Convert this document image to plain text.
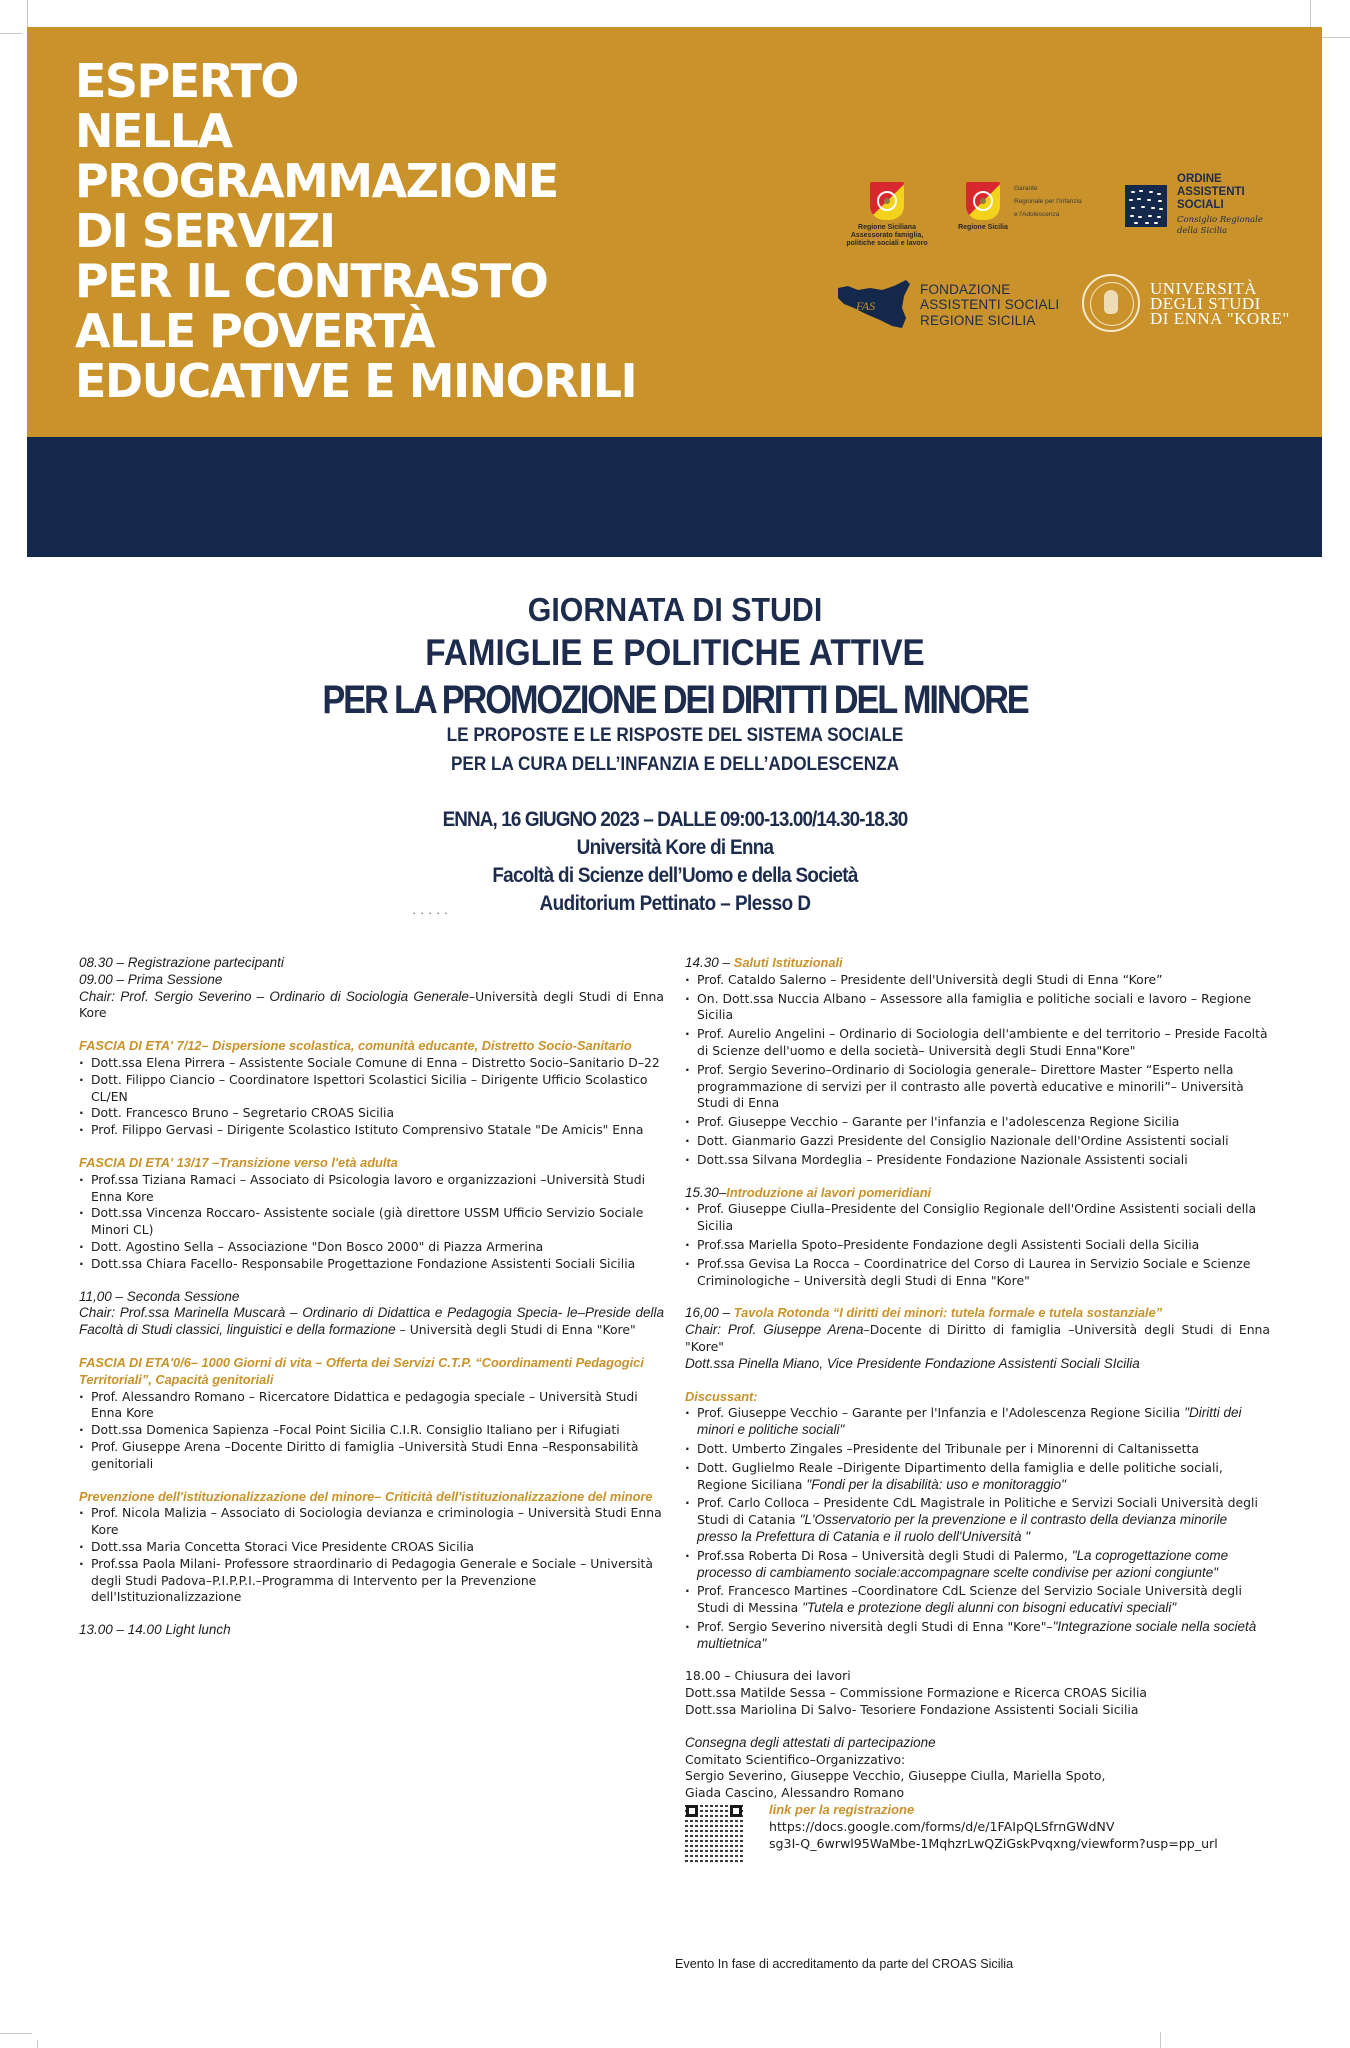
· · · · ·
ESPERTO
NELLA
PROGRAMMAZIONE
DI SERVIZI
PER IL CONTRASTO
ALLE POVERTÀ
EDUCATIVE E MINORILI
Regione Siciliana
Assessorato famiglia,
politiche sociali e lavoro
Regione Sicilia
Garante
Regionale per l'Infanzia
e l'Adolescenza
ORDINE
ASSISTENTI
SOCIALI
Consiglio Regionale
della Sicilia
FAS
FONDAZIONE
ASSISTENTI SOCIALI
REGIONE SICILIA
UNIVERSITÀ
DEGLI STUDI
DI ENNA "KORE"
GIORNATA DI STUDI
FAMIGLIE E POLITICHE ATTIVE
PER LA PROMOZIONE DEI DIRITTI DEL MINORE
LE PROPOSTE E LE RISPOSTE DEL SISTEMA SOCIALE
PER LA CURA DELL’INFANZIA E DELL’ADOLESCENZA
ENNA, 16 GIUGNO 2023 – DALLE 09:00-13.00/14.30-18.30
Università Kore di Enna
Facoltà di Scienze dell’Uomo e della Società
Auditorium Pettinato – Plesso D

08.30 – Registrazione partecipanti

09.00 – Prima Sessione

Chair: Prof. Sergio Severino – Ordinario di Sociologia Generale–Università degli Studi di Enna Kore

FASCIA DI ETA' 7/12– Dispersione scolastica, comunità educante, Distretto Socio-Sanitario

· Dott.ssa Elena Pirrera – Assistente Sociale Comune di Enna – Distretto Socio–Sanitario D–22
· Dott. Filippo Ciancio – Coordinatore Ispettori Scolastici Sicilia – Dirigente Ufficio Scolastico CL/EN
· Dott. Francesco Bruno – Segretario CROAS Sicilia
· Prof. Filippo Gervasi – Dirigente Scolastico Istituto Comprensivo Statale "De Amicis" Enna

FASCIA DI ETA' 13/17 –Transizione verso l'età adulta

· Prof.ssa Tiziana Ramaci – Associato di Psicologia lavoro e organizzazioni –Università Studi Enna Kore
· Dott.ssa Vincenza Roccaro- Assistente sociale (già direttore USSM Ufficio Servizio Sociale Minori CL)
· Dott. Agostino Sella – Associazione "Don Bosco 2000" di Piazza Armerina
· Dott.ssa Chiara Facello- Responsabile Progettazione Fondazione Assistenti Sociali Sicilia

11,00 – Seconda Sessione

Chair: Prof.ssa Marinella Muscarà – Ordinario di Didattica e Pedagogia Specia- le–Preside della Facoltà di Studi classici, linguistici e della formazione – Università degli Studi di Enna "Kore"

FASCIA DI ETA'0/6– 1000 Giorni di vita – Offerta dei Servizi C.T.P. “Coordinamenti Pedagogici Territoriali”, Capacità genitoriali

· Prof. Alessandro Romano – Ricercatore Didattica e pedagogia speciale – Università Studi Enna Kore
· Dott.ssa Domenica Sapienza –Focal Point Sicilia C.I.R. Consiglio Italiano per i Rifugiati
· Prof. Giuseppe Arena –Docente Diritto di famiglia –Università Studi Enna –Responsabilità genitoriali

Prevenzione dell'istituzionalizzazione del minore– Criticità dell'istituzionalizzazione del minore

· Prof. Nicola Malizia – Associato di Sociologia devianza e criminologia – Università Studi Enna Kore
· Dott.ssa Maria Concetta Storaci Vice Presidente CROAS Sicilia
· Prof.ssa Paola Milani- Professore straordinario di Pedagogia Generale e Sociale – Università degli Studi Padova–P.I.P.P.I.–Programma di Intervento per la Prevenzione dell'Istituzionalizzazione

13.00 – 14.00 Light lunch

14.30 – Saluti Istituzionali

· Prof. Cataldo Salerno – Presidente dell'Università degli Studi di Enna “Kore”
· On. Dott.ssa Nuccia Albano – Assessore alla famiglia e politiche sociali e lavoro – Regione Sicilia
· Prof. Aurelio Angelini – Ordinario di Sociologia dell'ambiente e del territorio – Preside Facoltà di Scienze dell'uomo e della società– Università degli Studi Enna"Kore"
· Prof. Sergio Severino–Ordinario di Sociologia generale– Direttore Master “Esperto nella programmazione di servizi per il contrasto alle povertà educative e minorili”– Università Studi di Enna
· Prof. Giuseppe Vecchio – Garante per l'infanzia e l'adolescenza Regione Sicilia
· Dott. Gianmario Gazzi Presidente del Consiglio Nazionale dell'Ordine Assistenti sociali
· Dott.ssa Silvana Mordeglia – Presidente Fondazione Nazionale Assistenti sociali

15.30–Introduzione ai lavori pomeridiani

· Prof. Giuseppe Ciulla–Presidente del Consiglio Regionale dell'Ordine Assistenti sociali della Sicilia
· Prof.ssa Mariella Spoto–Presidente Fondazione degli Assistenti Sociali della Sicilia
· Prof.ssa Gevisa La Rocca – Coordinatrice del Corso di Laurea in Servizio Sociale e Scienze Criminologiche – Università degli Studi di Enna "Kore"

16,00 – Tavola Rotonda “I diritti dei minori: tutela formale e tutela sostanziale”

Chair: Prof. Giuseppe Arena–Docente di Diritto di famiglia –Università degli Studi di Enna "Kore"

Dott.ssa Pinella Miano, Vice Presidente Fondazione Assistenti Sociali SIcilia

Discussant:

· Prof. Giuseppe Vecchio – Garante per l'Infanzia e l'Adolescenza Regione Sicilia "Diritti dei minori e politiche sociali"
· Dott. Umberto Zingales –Presidente del Tribunale per i Minorenni di Caltanissetta
· Dott. Guglielmo Reale –Dirigente Dipartimento della famiglia e delle politiche sociali, Regione Siciliana "Fondi per la disabilità: uso e monitoraggio"
· Prof. Carlo Colloca – Presidente CdL Magistrale in Politiche e Servizi Sociali Università degli Studi di Catania "L'Osservatorio per la prevenzione e il contrasto della devianza minorile presso la Prefettura di Catania e il ruolo dell'Università "
· Prof.ssa Roberta Di Rosa – Università degli Studi di Palermo, "La coprogettazione come processo di cambiamento sociale:accompagnare scelte condivise per azioni congiunte"
· Prof. Francesco Martines –Coordinatore CdL Scienze del Servizio Sociale Università degli Studi di Messina "Tutela e protezione degli alunni con bisogni educativi speciali"
· Prof. Sergio Severino niversità degli Studi di Enna "Kore"–"Integrazione sociale nella società multietnica"

18.00 – Chiusura dei lavori

Dott.ssa Matilde Sessa – Commissione Formazione e Ricerca CROAS Sicilia

Dott.ssa Mariolina Di Salvo- Tesoriere Fondazione Assistenti Sociali Sicilia

Consegna degli attestati di partecipazione

Comitato Scientifico–Organizzativo:

Sergio Severino, Giuseppe Vecchio, Giuseppe Ciulla, Mariella Spoto,

Giada Cascino, Alessandro Romano

link per la registrazione

https://docs.google.com/forms/d/e/1FAIpQLSfrnGWdNV

sg3I-Q_6wrwl95WaMbe-1MqhzrLwQZiGskPvqxng/viewform?usp=pp_url

Evento In fase di accreditamento da parte del CROAS Sicilia
